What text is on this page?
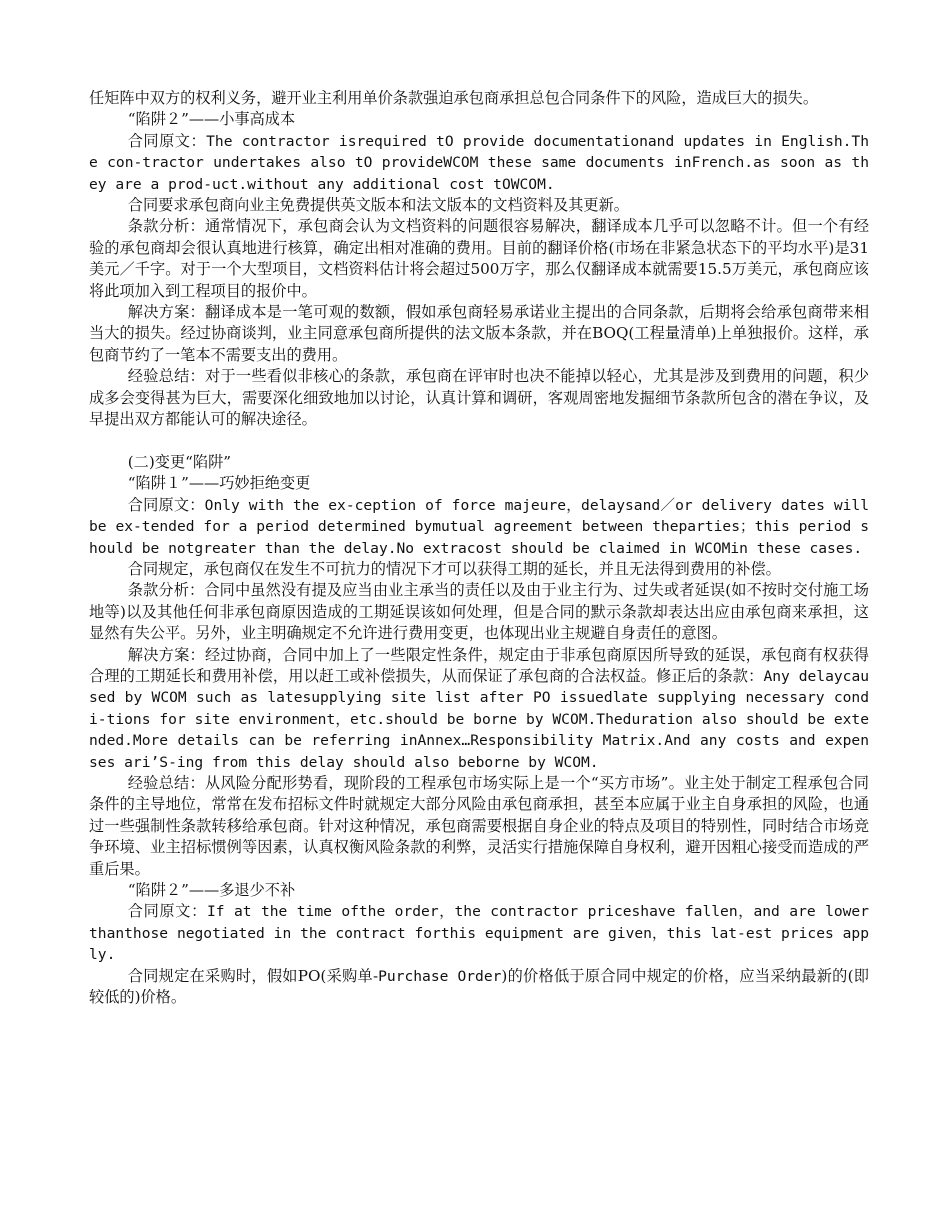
任矩阵中双方的权利义务，避开业主利用单价条款强迫承包商承担总包合同条件下的风险，造成巨大的损失。

“陷阱２”——小事高成本

合同原文：The contractor isrequired tO provide documentationand updates in English.The con-tractor undertakes also tO provideWCOM these same documents inFrench.as soon as they are a prod-uct.without any additional cost tOWCOM.

合同要求承包商向业主免费提供英文版本和法文版本的文档资料及其更新。

条款分析：通常情况下，承包商会认为文档资料的问题很容易解决，翻译成本几乎可以忽略不计。但一个有经验的承包商却会很认真地进行核算，确定出相对准确的费用。目前的翻译价格(市场在非紧急状态下的平均水平)是31美元／千字。对于一个大型项目，文档资料估计将会超过500万字，那么仅翻译成本就需要15.5万美元，承包商应该将此项加入到工程项目的报价中。

解决方案：翻译成本是一笔可观的数额，假如承包商轻易承诺业主提出的合同条款，后期将会给承包商带来相当大的损失。经过协商谈判，业主同意承包商所提供的法文版本条款，并在BOQ(工程量清单)上单独报价。这样，承包商节约了一笔本不需要支出的费用。

经验总结：对于一些看似非核心的条款，承包商在评审时也决不能掉以轻心，尤其是涉及到费用的问题，积少成多会变得甚为巨大，需要深化细致地加以讨论，认真计算和调研，客观周密地发掘细节条款所包含的潜在争议，及早提出双方都能认可的解决途径。

(二)变更“陷阱”

“陷阱１”——巧妙拒绝变更

合同原文：Only with the ex-ception of force majeure，delaysand／or delivery dates will be ex-tended for a period determined bymutual agreement between theparties；this period should be notgreater than the delay.No extracost should be claimed in WCOMin these cases.

合同规定，承包商仅在发生不可抗力的情况下才可以获得工期的延长，并且无法得到费用的补偿。

条款分析：合同中虽然没有提及应当由业主承当的责任以及由于业主行为、过失或者延误(如不按时交付施工场地等)以及其他任何非承包商原因造成的工期延误该如何处理，但是合同的默示条款却表达出应由承包商来承担，这显然有失公平。另外，业主明确规定不允许进行费用变更，也体现出业主规避自身责任的意图。

解决方案：经过协商，合同中加上了一些限定性条件，规定由于非承包商原因所导致的延误，承包商有权获得合理的工期延长和费用补偿，用以赶工或补偿损失，从而保证了承包商的合法权益。修正后的条款：Any delaycaused by WCOM such as latesupplying site list after PO issuedlate supplying necessary condi-tions for site environment，etc.should be borne by WCOM.Theduration also should be extended.More details can be referring inAnnex…Responsibility Matrix.And any costs and expenses ari’S-ing from this delay should also beborne by WCOM.

经验总结：从风险分配形势看，现阶段的工程承包市场实际上是一个“买方市场”。业主处于制定工程承包合同条件的主导地位，常常在发布招标文件时就规定大部分风险由承包商承担，甚至本应属于业主自身承担的风险，也通过一些强制性条款转移给承包商。针对这种情况，承包商需要根据自身企业的特点及项目的特别性，同时结合市场竞争环境、业主招标惯例等因素，认真权衡风险条款的利弊，灵活实行措施保障自身权利，避开因粗心接受而造成的严重后果。

“陷阱２”——多退少不补

合同原文：If at the time ofthe order，the contractor priceshave fallen，and are lower thanthose negotiated in the contract forthis equipment are given，this lat-est prices apply.

合同规定在采购时，假如PO(采购单-Purchase Order)的价格低于原合同中规定的价格，应当采纳最新的(即较低的)价格。
